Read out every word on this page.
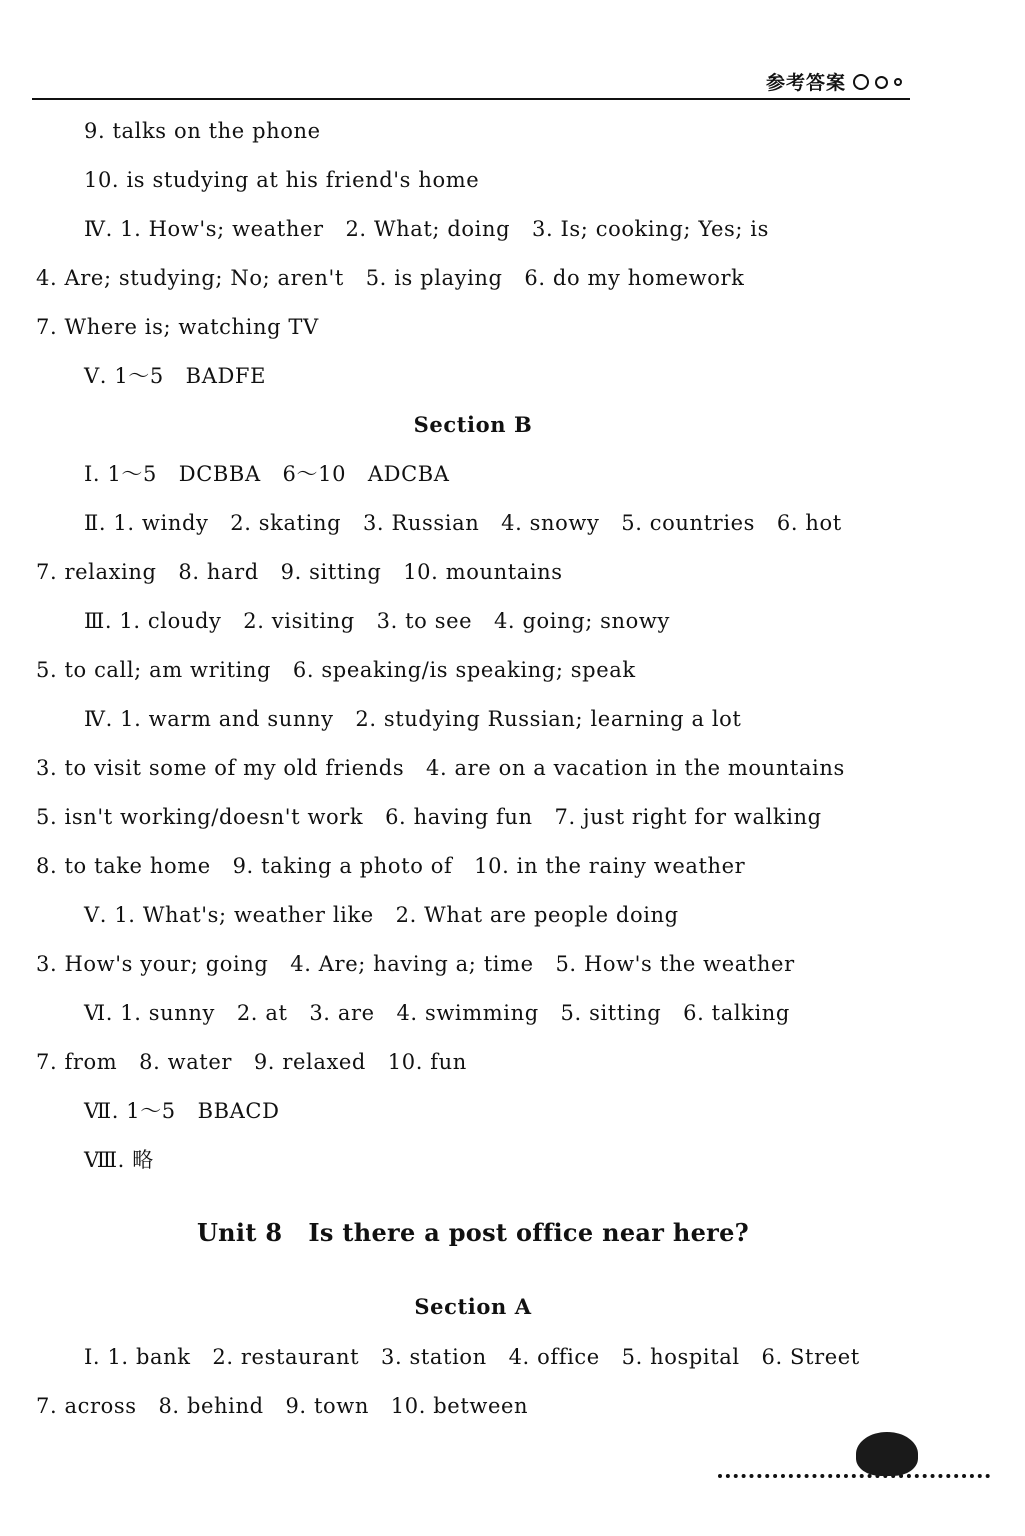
参考答案
9. talks on the phone
10. is studying at his friend's home
Ⅳ. 1. How's; weather   2. What; doing   3. Is; cooking; Yes; is
4. Are; studying; No; aren't   5. is playing   6. do my homework
7. Where is; watching TV
Ⅴ. 1～5   BADFE
Section B
Ⅰ. 1～5   DCBBA   6～10   ADCBA
Ⅱ. 1. windy   2. skating   3. Russian   4. snowy   5. countries   6. hot
7. relaxing   8. hard   9. sitting   10. mountains
Ⅲ. 1. cloudy   2. visiting   3. to see   4. going; snowy
5. to call; am writing   6. speaking/is speaking; speak
Ⅳ. 1. warm and sunny   2. studying Russian; learning a lot
3. to visit some of my old friends   4. are on a vacation in the mountains
5. isn't working/doesn't work   6. having fun   7. just right for walking
8. to take home   9. taking a photo of   10. in the rainy weather
Ⅴ. 1. What's; weather like   2. What are people doing
3. How's your; going   4. Are; having a; time   5. How's the weather
Ⅵ. 1. sunny   2. at   3. are   4. swimming   5. sitting   6. talking
7. from   8. water   9. relaxed   10. fun
Ⅶ. 1～5   BBACD
Ⅷ. 略
Unit 8   Is there a post office near here?
Section A
Ⅰ. 1. bank   2. restaurant   3. station   4. office   5. hospital   6. Street
7. across   8. behind   9. town   10. between
